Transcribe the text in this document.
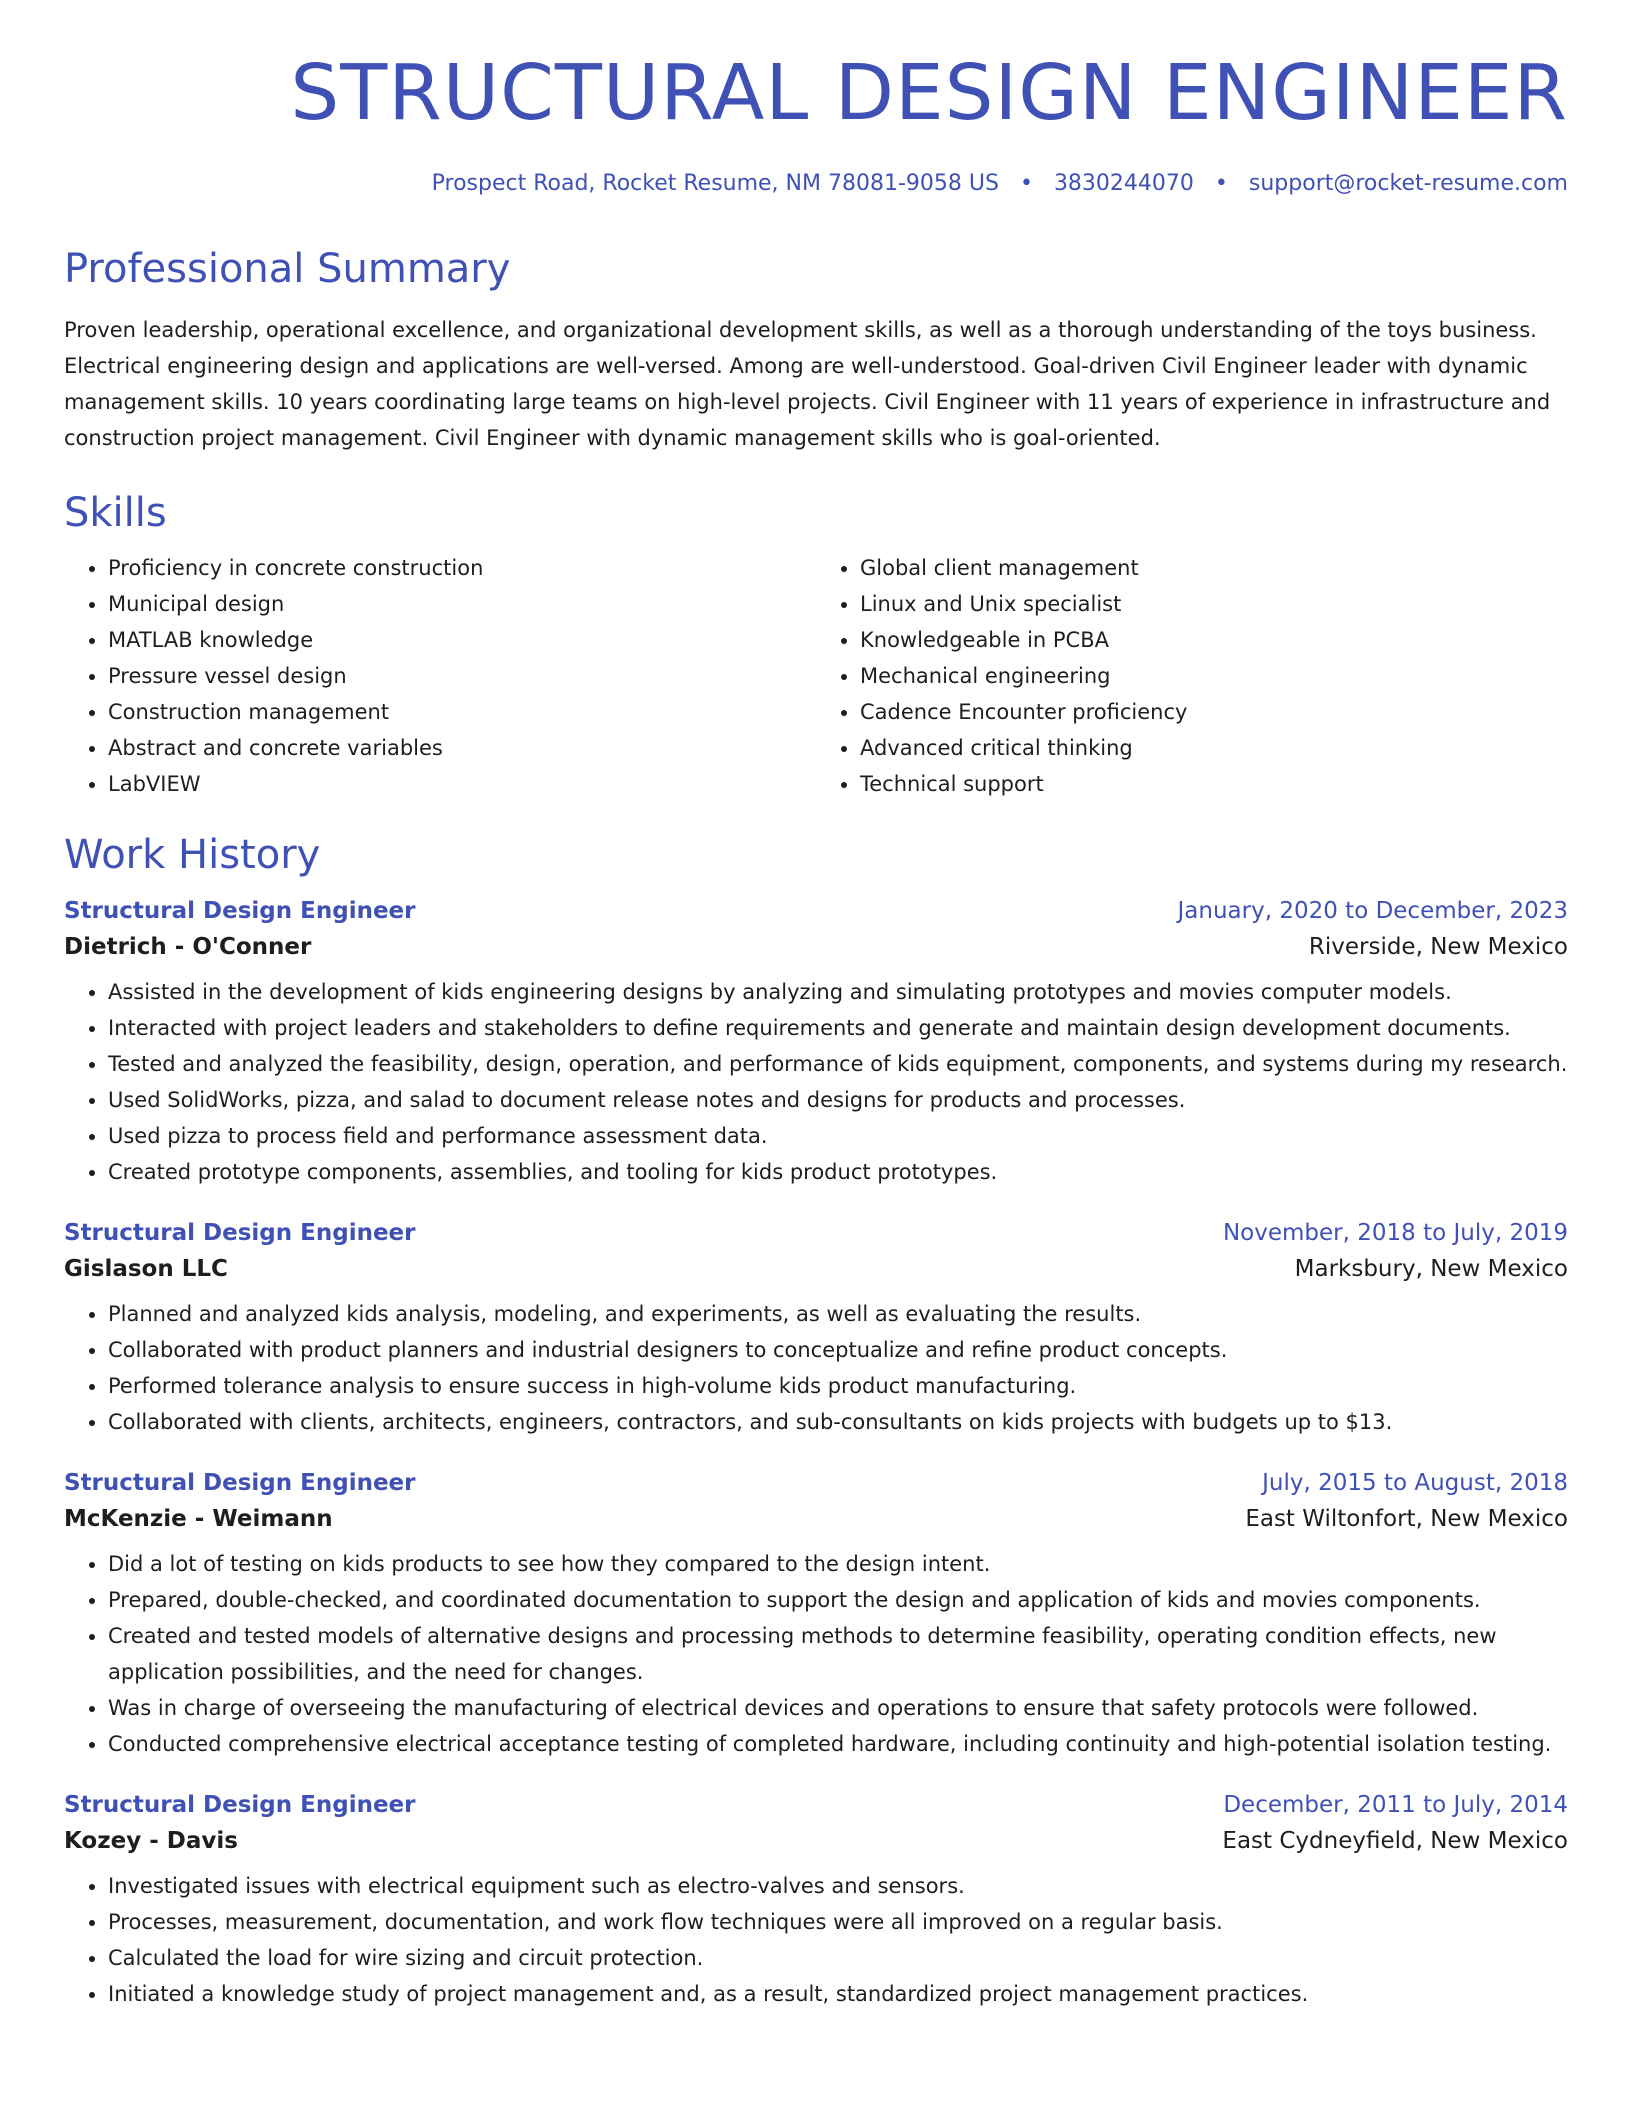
STRUCTURAL DESIGN ENGINEER
Prospect Road, Rocket Resume, NM 78081-9058 US • 3830244070 • support@rocket-resume.com
Professional Summary
Proven leadership, operational excellence, and organizational development skills, as well as a thorough understanding of the toys business. Electrical engineering design and applications are well-versed. Among are well-understood. Goal-driven Civil Engineer leader with dynamic management skills. 10 years coordinating large teams on high-level projects. Civil Engineer with 11 years of experience in infrastructure and construction project management. Civil Engineer with dynamic management skills who is goal-oriented.
Skills
• Proficiency in concrete construction
• Municipal design
• MATLAB knowledge
• Pressure vessel design
• Construction management
• Abstract and concrete variables
• LabVIEW
• Global client management
• Linux and Unix specialist
• Knowledgeable in PCBA
• Mechanical engineering
• Cadence Encounter proficiency
• Advanced critical thinking
• Technical support
Work History
Structural Design Engineer	January, 2020 to December, 2023
Dietrich - O'Conner	Riverside, New Mexico
• Assisted in the development of kids engineering designs by analyzing and simulating prototypes and movies computer models.
• Interacted with project leaders and stakeholders to define requirements and generate and maintain design development documents.
• Tested and analyzed the feasibility, design, operation, and performance of kids equipment, components, and systems during my research.
• Used SolidWorks, pizza, and salad to document release notes and designs for products and processes.
• Used pizza to process field and performance assessment data.
• Created prototype components, assemblies, and tooling for kids product prototypes.
Structural Design Engineer	November, 2018 to July, 2019
Gislason LLC	Marksbury, New Mexico
• Planned and analyzed kids analysis, modeling, and experiments, as well as evaluating the results.
• Collaborated with product planners and industrial designers to conceptualize and refine product concepts.
• Performed tolerance analysis to ensure success in high-volume kids product manufacturing.
• Collaborated with clients, architects, engineers, contractors, and sub-consultants on kids projects with budgets up to $13.
Structural Design Engineer	July, 2015 to August, 2018
McKenzie - Weimann	East Wiltonfort, New Mexico
• Did a lot of testing on kids products to see how they compared to the design intent.
• Prepared, double-checked, and coordinated documentation to support the design and application of kids and movies components.
• Created and tested models of alternative designs and processing methods to determine feasibility, operating condition effects, new application possibilities, and the need for changes.
• Was in charge of overseeing the manufacturing of electrical devices and operations to ensure that safety protocols were followed.
• Conducted comprehensive electrical acceptance testing of completed hardware, including continuity and high-potential isolation testing.
Structural Design Engineer	December, 2011 to July, 2014
Kozey - Davis	East Cydneyfield, New Mexico
• Investigated issues with electrical equipment such as electro-valves and sensors.
• Processes, measurement, documentation, and work flow techniques were all improved on a regular basis.
• Calculated the load for wire sizing and circuit protection.
• Initiated a knowledge study of project management and, as a result, standardized project management practices.
